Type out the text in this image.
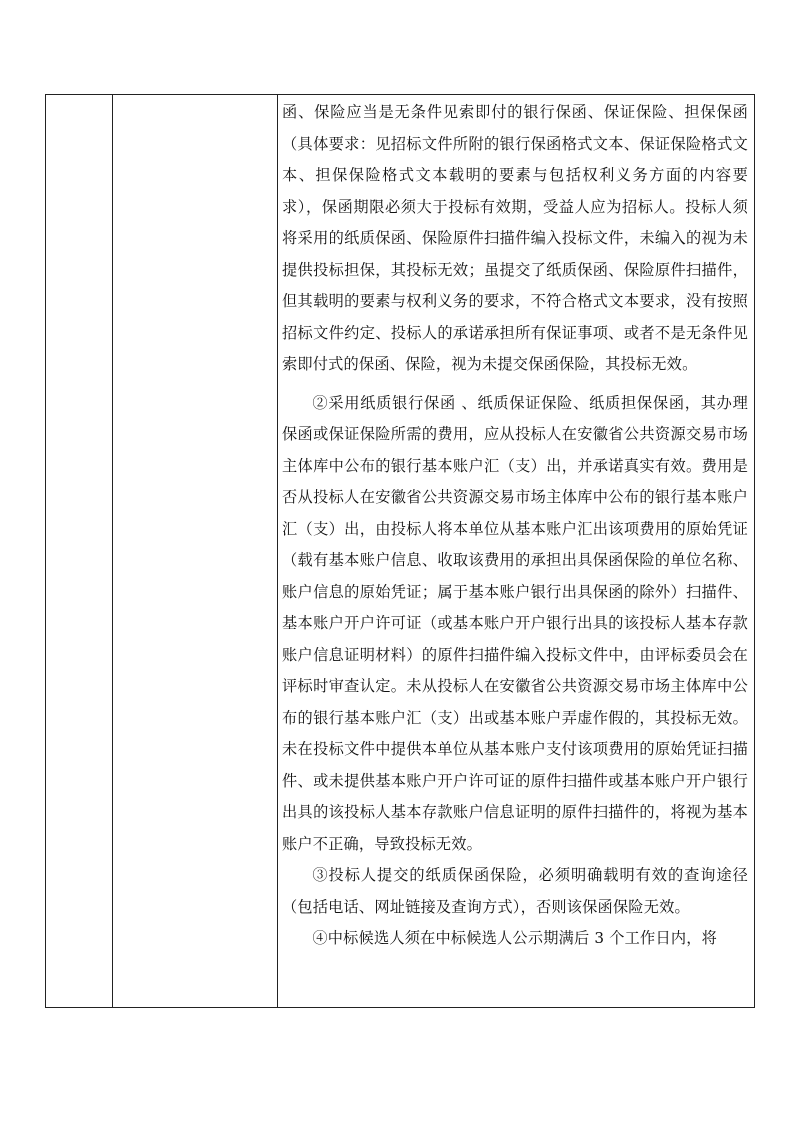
函、保险应当是无条件见索即付的银行保函、保证保险、担保保函（具体要求：见招标文件所附的银行保函格式文本、保证保险格式文本、担保保险格式文本载明的要素与包括权利义务方面的内容要求），保函期限必须大于投标有效期，受益人应为招标人。投标人须将采用的纸质保函、保险原件扫描件编入投标文件，未编入的视为未提供投标担保，其投标无效；虽提交了纸质保函、保险原件扫描件，但其载明的要素与权利义务的要求，不符合格式文本要求，没有按照招标文件约定、投标人的承诺承担所有保证事项、或者不是无条件见索即付式的保函、保险，视为未提交保函保险，其投标无效。

②采用纸质银行保函 、纸质保证保险、纸质担保保函，其办理保函或保证保险所需的费用，应从投标人在安徽省公共资源交易市场主体库中公布的银行基本账户汇（支）出，并承诺真实有效。费用是否从投标人在安徽省公共资源交易市场主体库中公布的银行基本账户汇（支）出，由投标人将本单位从基本账户汇出该项费用的原始凭证（载有基本账户信息、收取该费用的承担出具保函保险的单位名称、账户信息的原始凭证；属于基本账户银行出具保函的除外）扫描件、基本账户开户许可证（或基本账户开户银行出具的该投标人基本存款账户信息证明材料）的原件扫描件编入投标文件中，由评标委员会在评标时审查认定。未从投标人在安徽省公共资源交易市场主体库中公布的银行基本账户汇（支）出或基本账户弄虚作假的，其投标无效。未在投标文件中提供本单位从基本账户支付该项费用的原始凭证扫描件、或未提供基本账户开户许可证的原件扫描件或基本账户开户银行出具的该投标人基本存款账户信息证明的原件扫描件的，将视为基本账户不正确，导致投标无效。

③投标人提交的纸质保函保险，必须明确载明有效的查询途径（包括电话、网址链接及查询方式），否则该保函保险无效。

④中标候选人须在中标候选人公示期满后 3 个工作日内，将
